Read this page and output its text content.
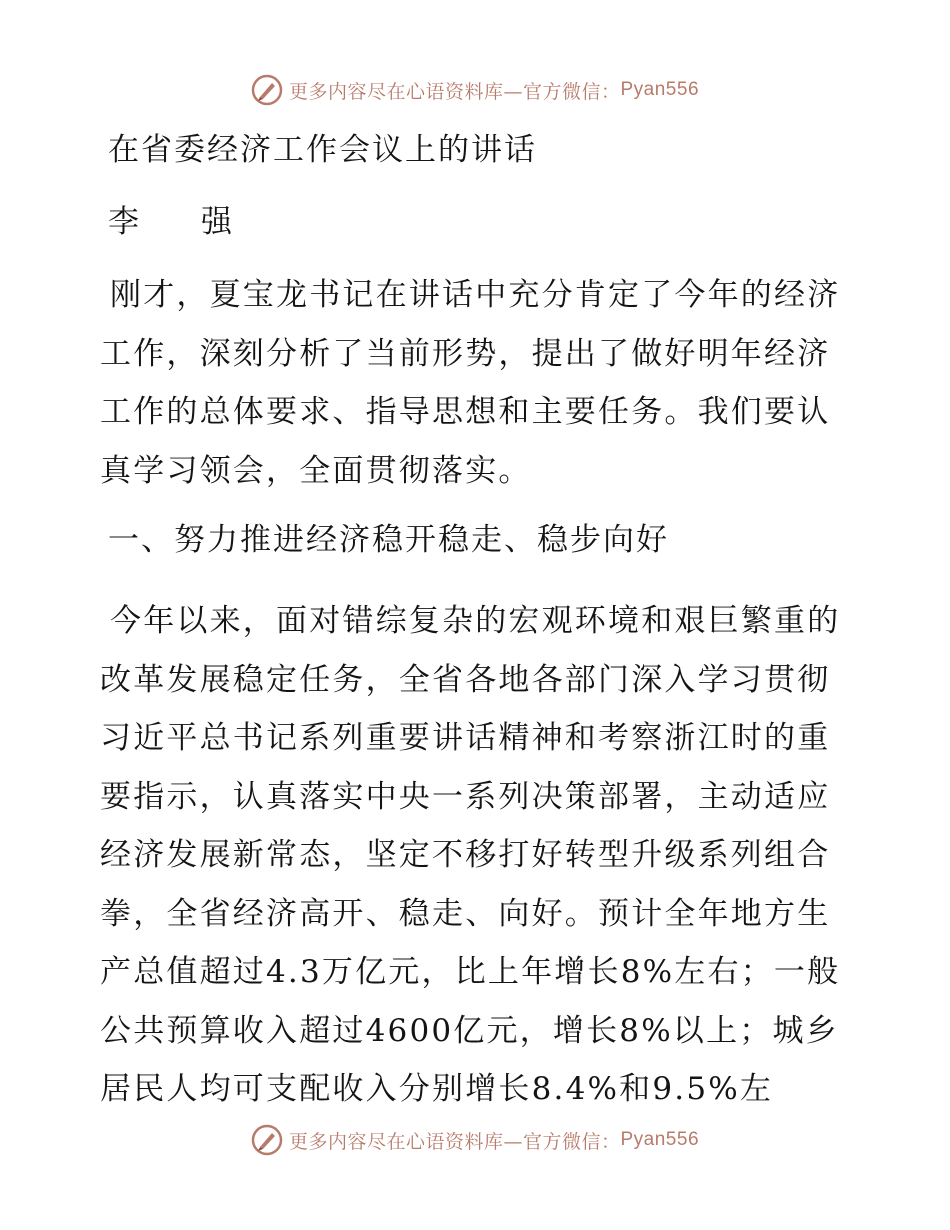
更多内容尽在心语资料库—官方微信： Pyan556
在省委经济工作会议上的讲话
李　　强

刚才，夏宝龙书记在讲话中充分肯定了今年的经济工作，深刻分析了当前形势，提出了做好明年经济工作的总体要求、指导思想和主要任务。我们要认真学习领会，全面贯彻落实。

一、努力推进经济稳开稳走、稳步向好

今年以来，面对错综复杂的宏观环境和艰巨繁重的改革发展稳定任务，全省各地各部门深入学习贯彻习近平总书记系列重要讲话精神和考察浙江时的重要指示，认真落实中央一系列决策部署，主动适应经济发展新常态，坚定不移打好转型升级系列组合拳，全省经济高开、稳走、向好。预计全年地方生产总值超过4.3万亿元，比上年增长8%左右；一般公共预算收入超过4600亿元，增长8%以上；城乡居民人均可支配收入分别增长8.4%和9.5%左

更多内容尽在心语资料库—官方微信： Pyan556
